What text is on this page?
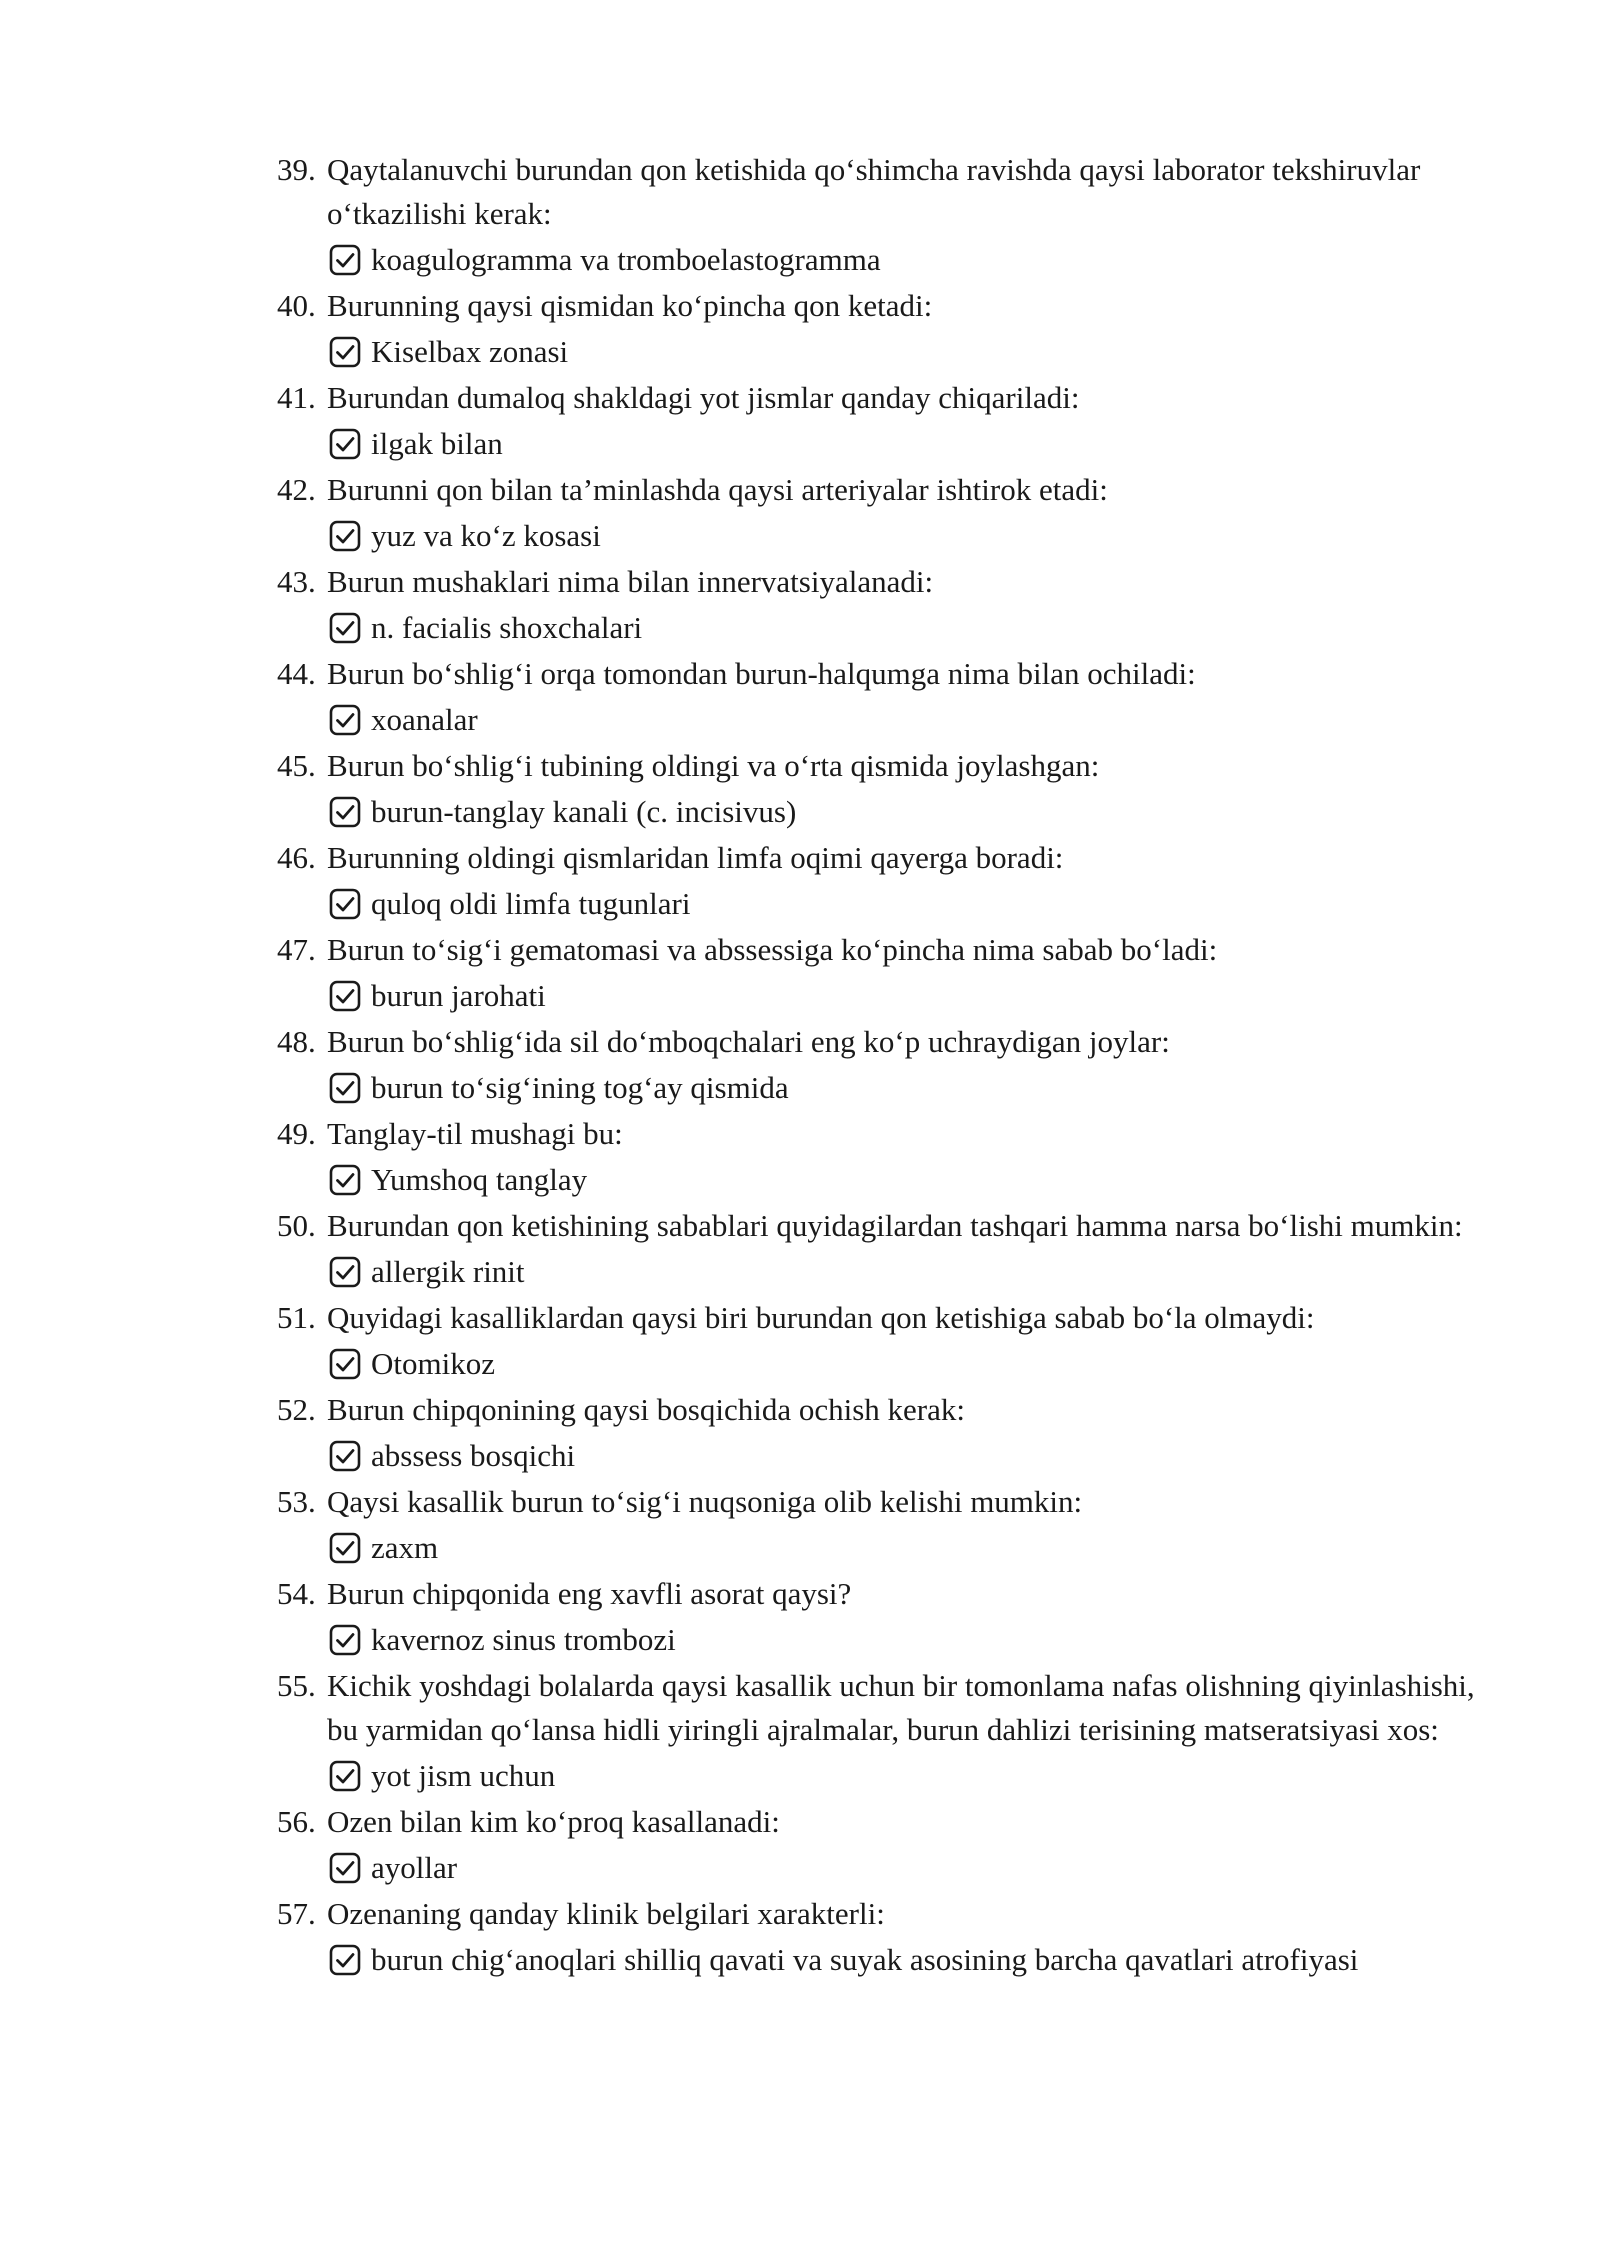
39. Qaytalanuvchi burundan qon ketishida qo‘shimcha ravishda qaysi laborator tekshiruvlar o‘tkazilishi kerak:
koagulogramma va tromboelastogramma
40. Burunning qaysi qismidan ko‘pincha qon ketadi:
Kiselbax zonasi
41. Burundan dumaloq shakldagi yot jismlar qanday chiqariladi:
ilgak bilan
42. Burunni qon bilan ta’minlashda qaysi arteriyalar ishtirok etadi:
yuz va ko‘z kosasi
43. Burun mushaklari nima bilan innervatsiyalanadi:
n. facialis shoxchalari
44. Burun bo‘shlig‘i orqa tomondan burun-halqumga nima bilan ochiladi:
xoanalar
45. Burun bo‘shlig‘i tubining oldingi va o‘rta qismida joylashgan:
burun-tanglay kanali (c. incisivus)
46. Burunning oldingi qismlaridan limfa oqimi qayerga boradi:
quloq oldi limfa tugunlari
47. Burun to‘sig‘i gematomasi va abssessiga ko‘pincha nima sabab bo‘ladi:
burun jarohati
48. Burun bo‘shlig‘ida sil do‘mboqchalari eng ko‘p uchraydigan joylar:
burun to‘sig‘ining tog‘ay qismida
49. Tanglay-til mushagi bu:
Yumshoq tanglay
50. Burundan qon ketishining sabablari quyidagilardan tashqari hamma narsa bo‘lishi mumkin:
allergik rinit
51. Quyidagi kasalliklardan qaysi biri burundan qon ketishiga sabab bo‘la olmaydi:
Otomikoz
52. Burun chipqonining qaysi bosqichida ochish kerak:
abssess bosqichi
53. Qaysi kasallik burun to‘sig‘i nuqsoniga olib kelishi mumkin:
zaxm
54. Burun chipqonida eng xavfli asorat qaysi?
kavernoz sinus trombozi
55. Kichik yoshdagi bolalarda qaysi kasallik uchun bir tomonlama nafas olishning qiyinlashishi, bu yarmidan qo‘lansa hidli yiringli ajralmalar, burun dahlizi terisining matseratsiyasi xos:
yot jism uchun
56. Ozen bilan kim ko‘proq kasallanadi:
ayollar
57. Ozenaning qanday klinik belgilari xarakterli:
burun chig‘anoqlari shilliq qavati va suyak asosining barcha qavatlari atrofiyasi
